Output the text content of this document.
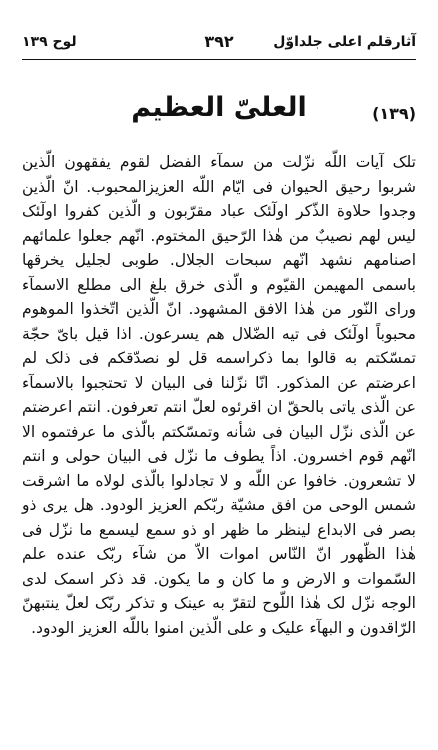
آثارقلم اعلی جلداوّل
٣٩٢
لوح ١٣٩
(١٣٩)
العلیّ العظیم

تلک آیات اللّه نزّلت من سمآء الفضل لقوم یفقهون الّذین شربوا رحیق الحیوان فی ایّام اللّه العزیزالمحبوب. انّ الّذین وجدوا حلاوة الذّکر اولٓئک عباد مقرّبون و الّذین کفروا اولٓئک لیس لهم نصیبٌ من هٰذا الرّحیق المختوم. انّهم جعلوا علمائهم اصنامهم نشهد انّهم سبحات الجلال. طوبی لجلیل یخرقها باسمی المهیمن القیّوم و الّذی خرق بلغ الی مطلع الاسمآء ورای النّور من هٰذا الافق المشهود. انّ الّذین اتّخذوا الموهوم محبوباً اولٓئک فی تیه الضّلال هم یسرعون. اذا قیل بایّ حجّة تمسّکتم به قالوا بما ذکراسمه قل لو نصدّقکم فی ذلک لم اعرضتم عن المذکور. انّا نزّلنا فی البیان لا تحتجبوا بالاسمآء عن الّذی یاتی بالحقّ ان اقرئوه لعلّ انتم تعرفون. انتم اعرضتم عن الّذی نزّل البیان فی شأنه وتمسّکتم بالّذی ما عرفتموه الا انّهم قوم اخسرون. اذاً یطوف ما نزّل فی البیان حولی و انتم لا تشعرون. خافوا عن اللّه و لا تجادلوا بالّذی لولاه ما اشرقت شمس الوحی من افق مشیّة ربّکم العزیز الودود. هل یری ذو بصر فی الابداع لینظر ما ظهر او ذو سمع لیسمع ما نزّل فی هٰذا الظّهور انّ النّاس اموات الاّ من شآء ربّک عنده علم السّموات و الارض و ما کان و ما یکون. قد ذکر اسمک لدی الوجه نزّل لک هٰذا اللّوح لتقرّ به عینک و تذکر ربّک لعلّ ینتبهنّ الرّاقدون و البهآء علیک و علی الّذین امنوا باللّه العزیز الودود.
